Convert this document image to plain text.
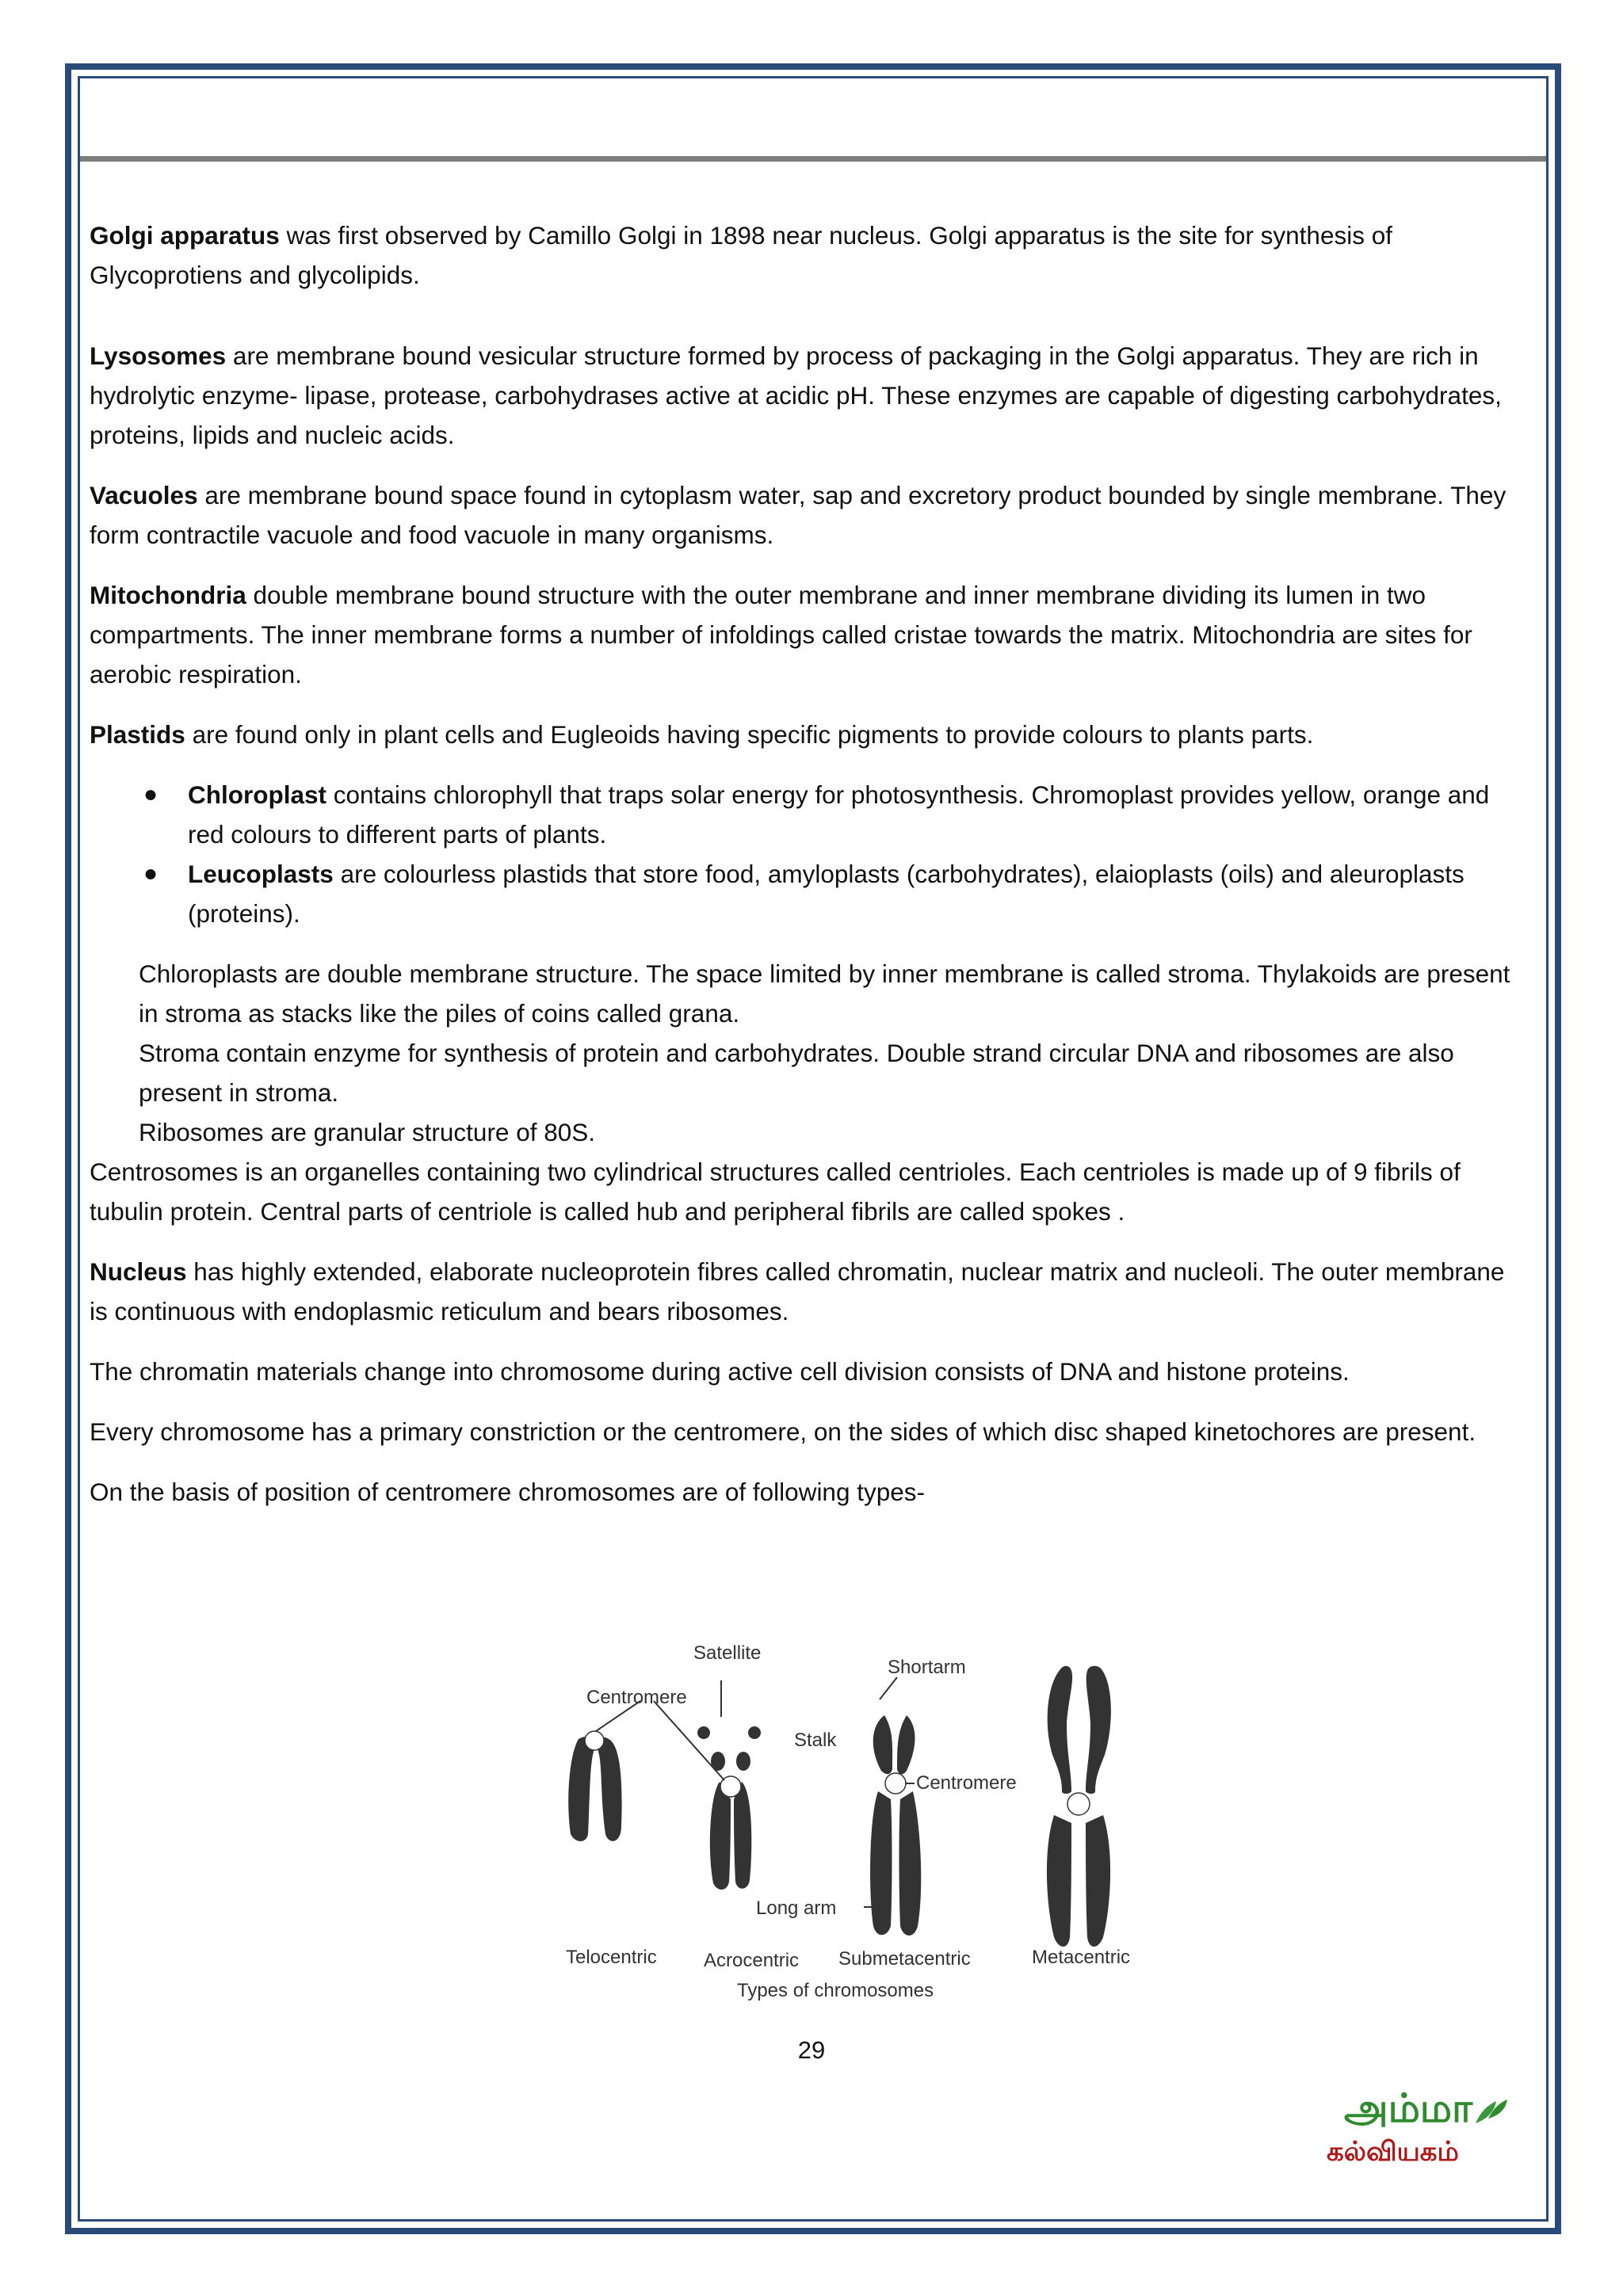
Golgi apparatus was first observed by Camillo Golgi in 1898 near nucleus. Golgi apparatus is the site for synthesis of Glycoprotiens and glycolipids.

Lysosomes are membrane bound vesicular structure formed by process of packaging in the Golgi apparatus. They are rich in hydrolytic enzyme- lipase, protease, carbohydrases active at acidic pH. These enzymes are capable of digesting carbohydrates, proteins, lipids and nucleic acids.

Vacuoles are membrane bound space found in cytoplasm water, sap and excretory product bounded by single membrane. They form contractile vacuole and food vacuole in many organisms.

Mitochondria double membrane bound structure with the outer membrane and inner membrane dividing its lumen in two compartments. The inner membrane forms a number of infoldings called cristae towards the matrix. Mitochondria are sites for aerobic respiration.

Plastids are found only in plant cells and Eugleoids having specific pigments to provide colours to plants parts.

● Chloroplast contains chlorophyll that traps solar energy for photosynthesis. Chromoplast provides yellow, orange and red colours to different parts of plants.
● Leucoplasts are colourless plastids that store food, amyloplasts (carbohydrates), elaioplasts (oils) and aleuroplasts (proteins).

Chloroplasts are double membrane structure. The space limited by inner membrane is called stroma. Thylakoids are present in stroma as stacks like the piles of coins called grana.

Stroma contain enzyme for synthesis of protein and carbohydrates. Double strand circular DNA and ribosomes are also present in stroma.

Ribosomes are granular structure of 80S.

Centrosomes is an organelles containing two cylindrical structures called centrioles. Each centrioles is made up of 9 fibrils of tubulin protein. Central parts of centriole is called hub and peripheral fibrils are called spokes .

Nucleus has highly extended, elaborate nucleoprotein fibres called chromatin, nuclear matrix and nucleoli. The outer membrane is continuous with endoplasmic reticulum and bears ribosomes.

The chromatin materials change into chromosome during active cell division consists of DNA and histone proteins.

Every chromosome has a primary constriction or the centromere, on the sides of which disc shaped kinetochores are present.

On the basis of position of centromere chromosomes are of following types-

Satellite
Centromere
Stalk
Shortarm
Centromere
Long arm
Telocentric Acrocentric Submetacentric	Metacentric
Types of chromosomes
29
அம்மா
கல்வியகம்
